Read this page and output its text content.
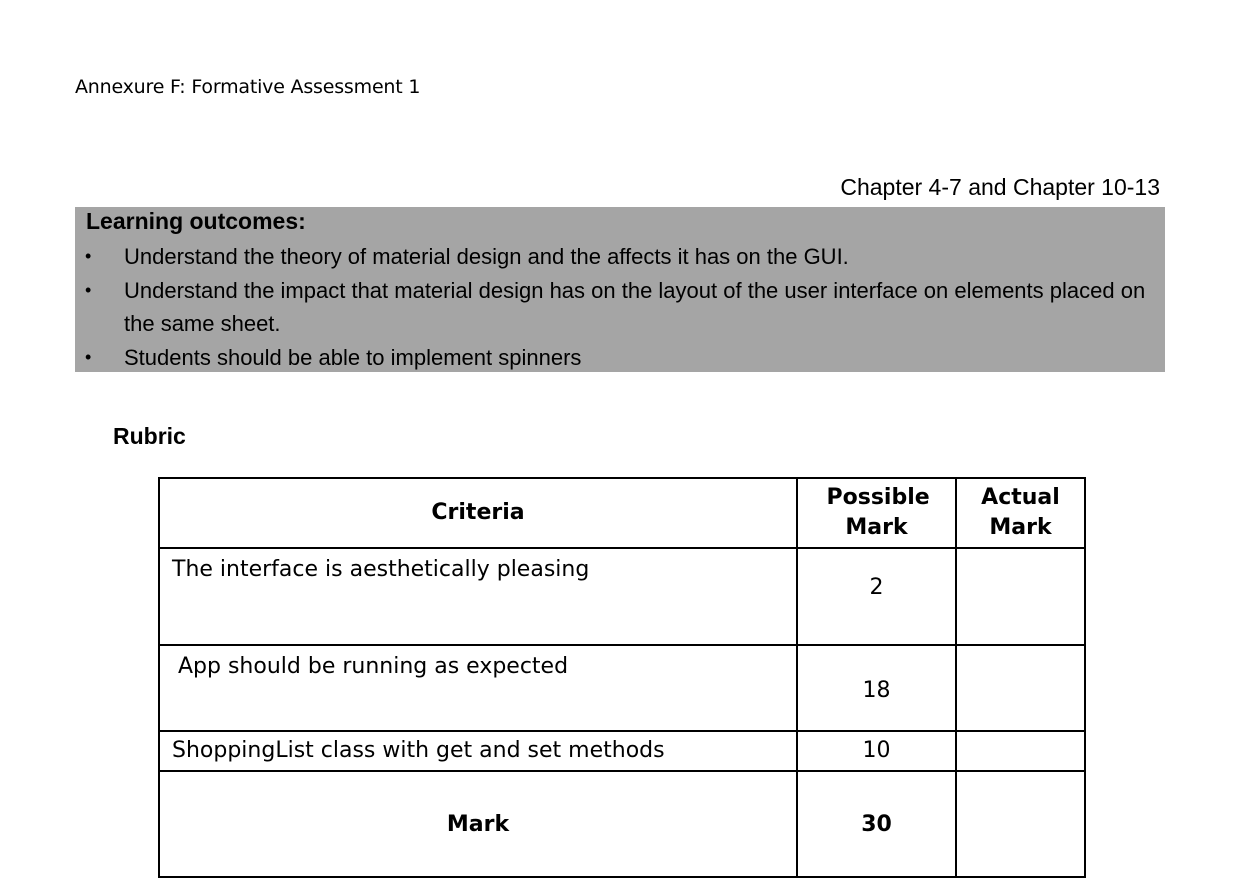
Annexure F: Formative Assessment 1
Chapter 4-7 and Chapter 10-13
Learning outcomes:
• Understand the theory of material design and the affects it has on the GUI.
• Understand the impact that material design has on the layout of the user interface on elements placed on the same sheet.
• Students should be able to implement spinners
Rubric
Criteria	Possible Mark	Actual Mark

The interface is aesthetically pleasing	2	
App should be running as expected	18	
ShoppingList class with get and set methods	10	
Mark	30	
